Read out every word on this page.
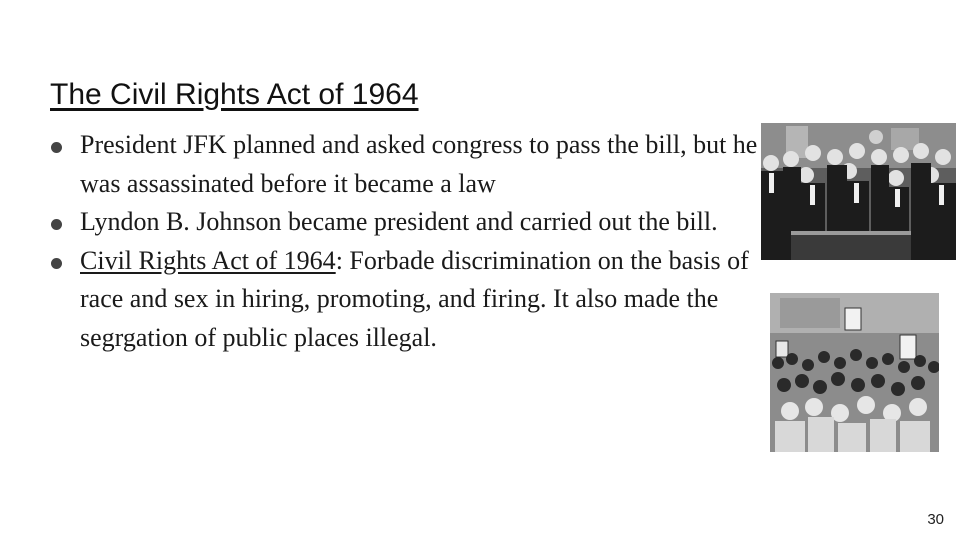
The Civil Rights Act of 1964
President JFK planned and asked congress to pass the bill, but he was assassinated before it became a law
Lyndon B. Johnson became president and carried out the bill.
Civil Rights Act of 1964: Forbade discrimination on the basis of race and sex in hiring, promoting, and firing. It also made the segrgation of public places illegal.
30
